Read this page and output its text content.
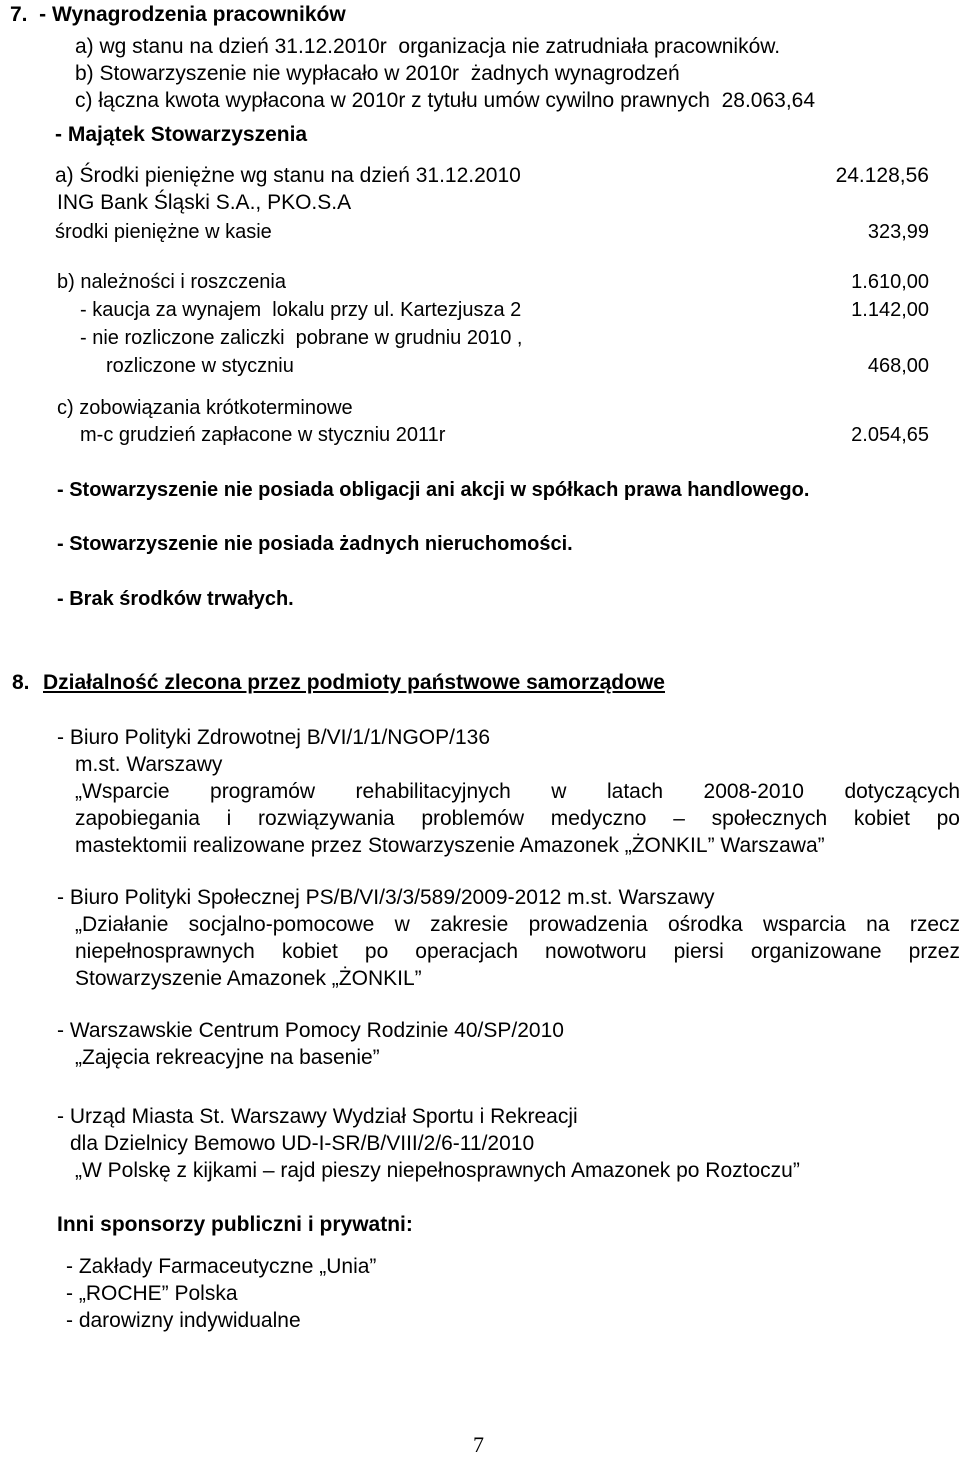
7.  - Wynagrodzenia pracowników
a) wg stanu na dzień 31.12.2010r  organizacja nie zatrudniała pracowników.
b) Stowarzyszenie nie wypłacało w 2010r  żadnych wynagrodzeń
c) łączna kwota wypłacona w 2010r z tytułu umów cywilno prawnych  28.063,64
- Majątek Stowarzyszenia
a) Środki pieniężne wg stanu na dzień 31.12.2010	24.128,56
ING Bank Śląski S.A., PKO.S.A
środki pieniężne w kasie	323,99
b) należności i roszczenia	1.610,00
- kaucja za wynajem  lokalu przy ul. Kartezjusza 2	1.142,00
- nie rozliczone zaliczki  pobrane w grudniu 2010 ,
rozliczone w styczniu	468,00
c) zobowiązania krótkoterminowe
m-c grudzień zapłacone w styczniu 2011r	2.054,65
- Stowarzyszenie nie posiada obligacji ani akcji w spółkach prawa handlowego.
- Stowarzyszenie nie posiada żadnych nieruchomości.
- Brak środków trwałych.
8. Działalność zlecona przez podmioty państwowe samorządowe
- Biuro Polityki Zdrowotnej B/VI/1/1/NGOP/136
m.st. Warszawy
„Wsparcie programów rehabilitacyjnych w latach 2008-2010 dotyczących
zapobiegania i rozwiązywania problemów medyczno – społecznych kobiet po
mastektomii realizowane przez Stowarzyszenie Amazonek „ŻONKIL” Warszawa”
- Biuro Polityki Społecznej PS/B/VI/3/3/589/2009-2012 m.st. Warszawy
„Działanie socjalno-pomocowe w zakresie prowadzenia ośrodka wsparcia na rzecz
niepełnosprawnych kobiet po operacjach nowotworu piersi organizowane przez
Stowarzyszenie Amazonek „ŻONKIL”
- Warszawskie Centrum Pomocy Rodzinie 40/SP/2010
„Zajęcia rekreacyjne na basenie”
- Urząd Miasta St. Warszawy Wydział Sportu i Rekreacji
dla Dzielnicy Bemowo UD-I-SR/B/VIII/2/6-11/2010
„W Polskę z kijkami – rajd pieszy niepełnosprawnych Amazonek po Roztoczu”
Inni sponsorzy publiczni i prywatni:
- Zakłady Farmaceutyczne „Unia”
- „ROCHE” Polska
- darowizny indywidualne
7
